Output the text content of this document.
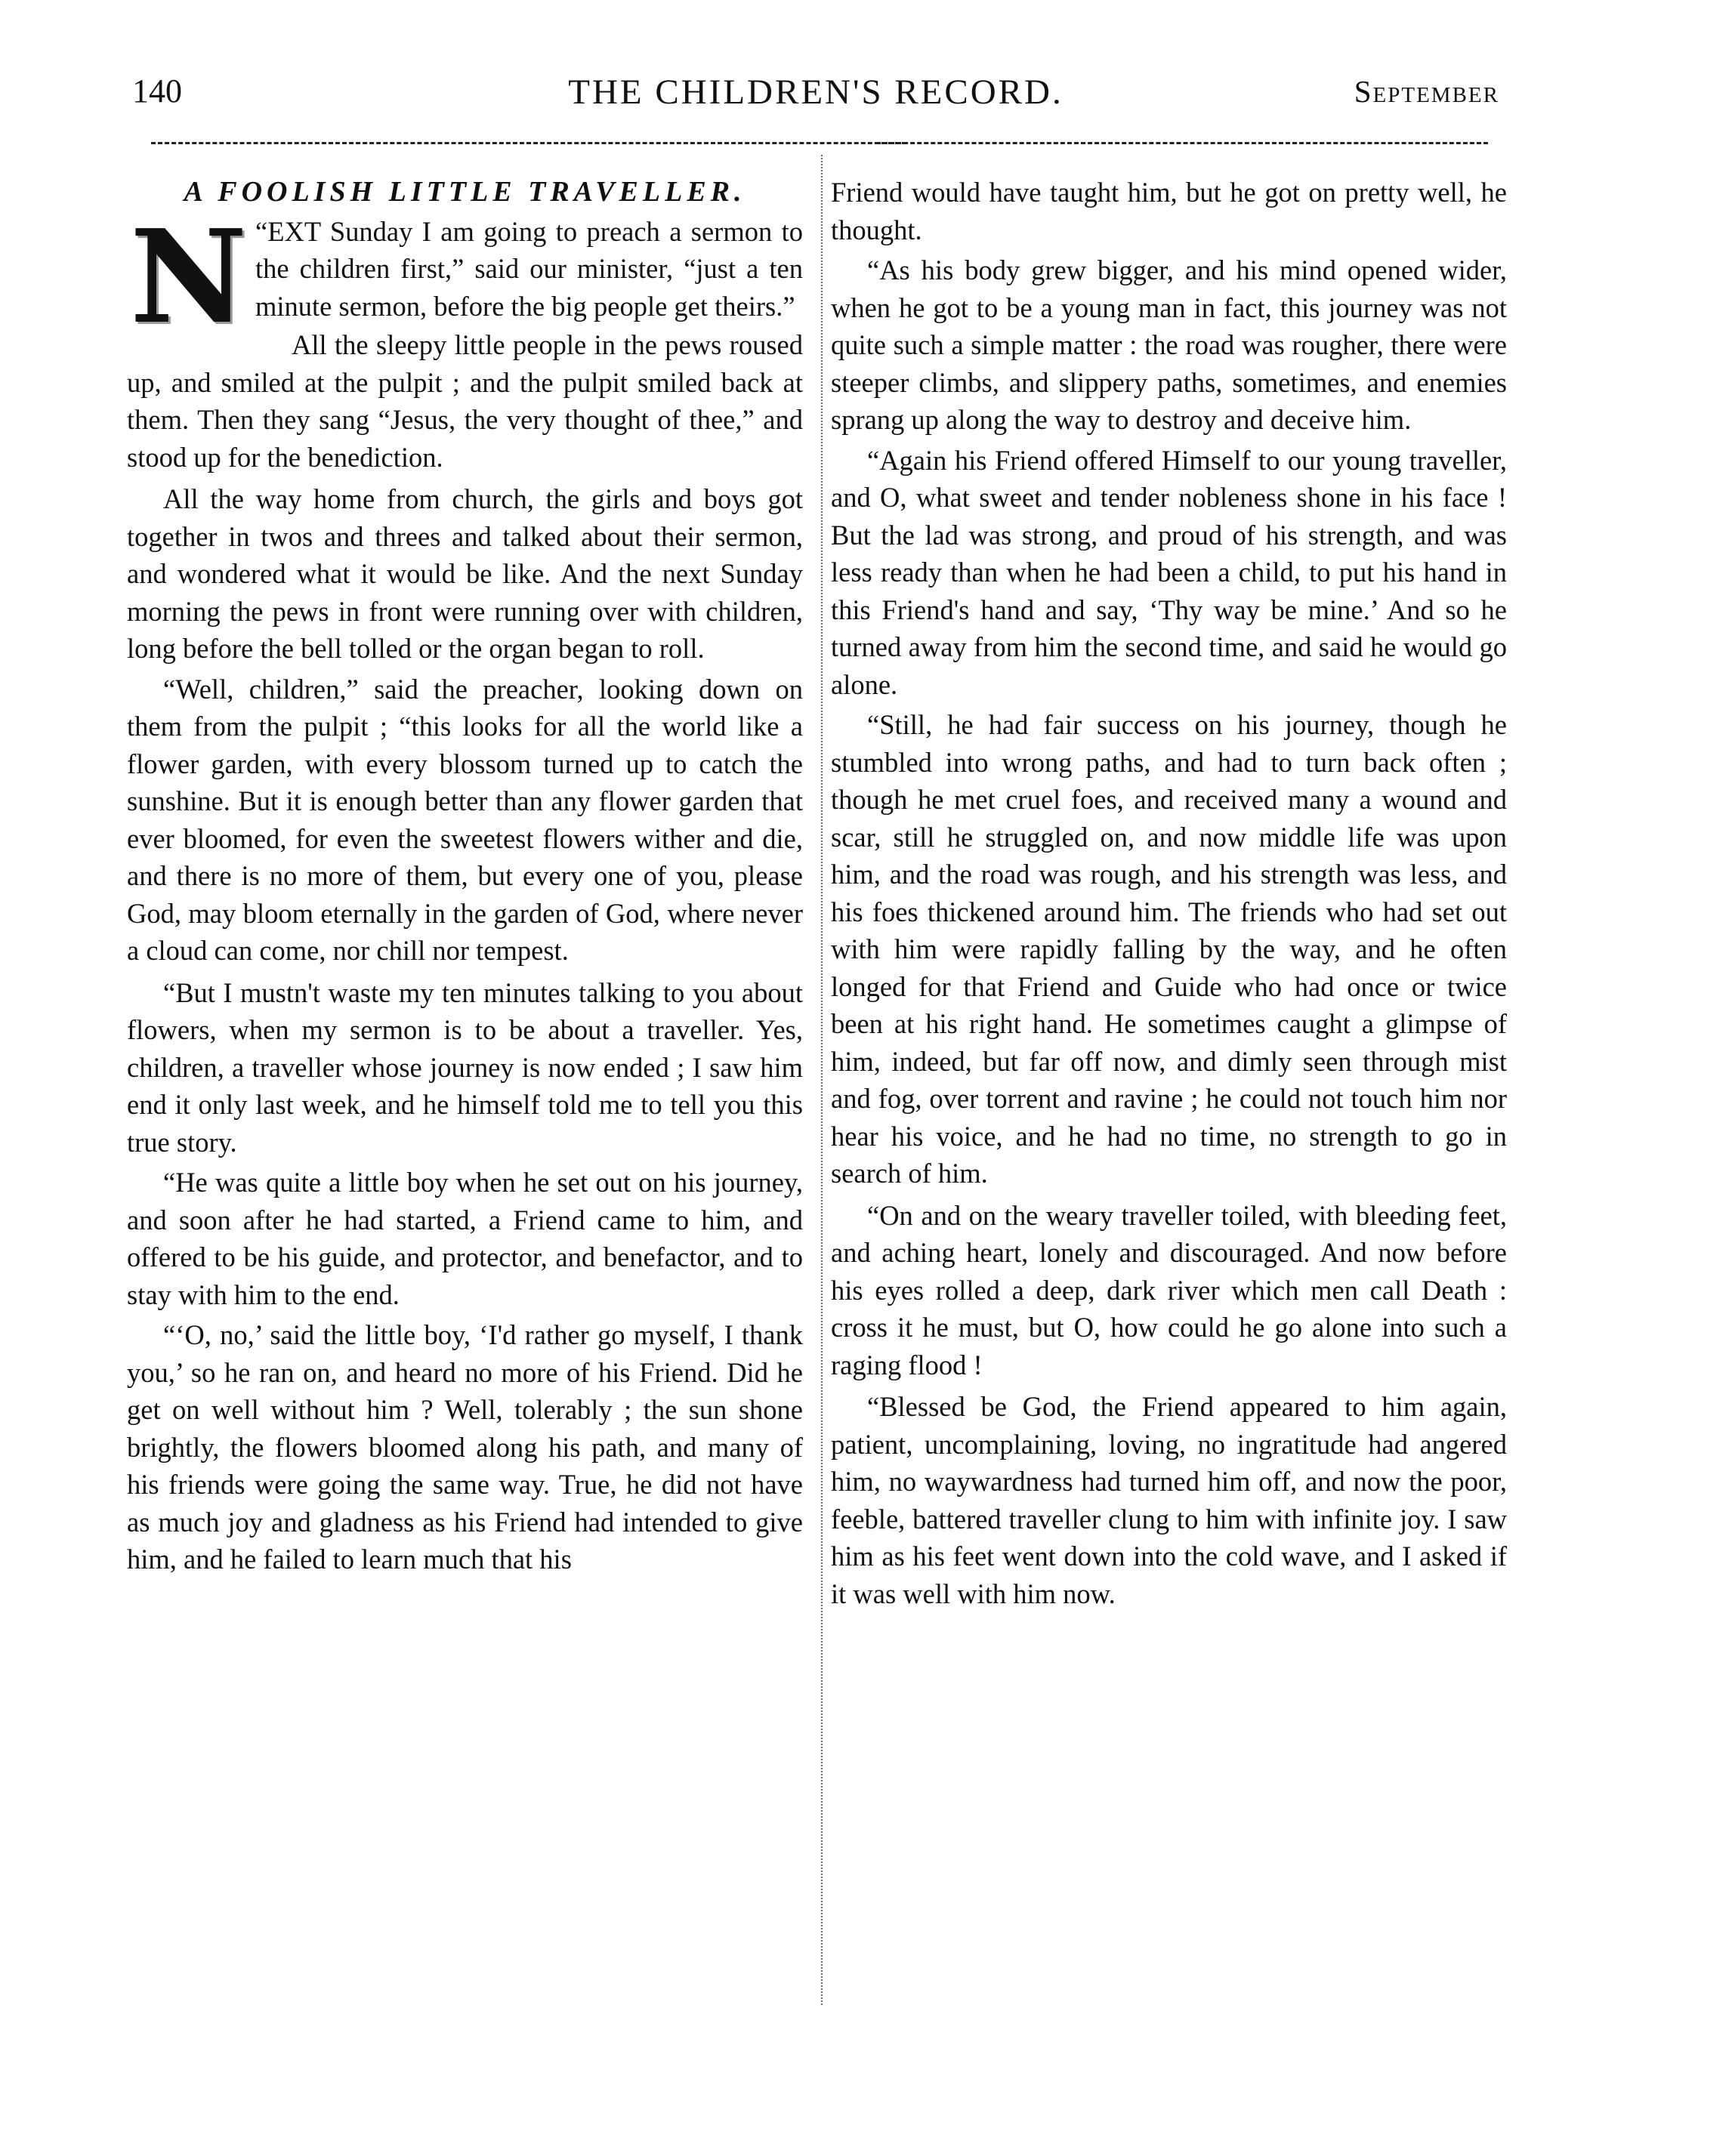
140	THE CHILDREN'S RECORD.	September
A FOOLISH LITTLE TRAVELLER.

“
N EXT Sunday I am going to preach a sermon to the children first,” said our minister, “just a ten minute sermon, before the big people get theirs.”

All the sleepy little people in the pews roused up, and smiled at the pulpit ; and the pulpit smiled back at them. Then they sang “Jesus, the very thought of thee,” and stood up for the benediction.

All the way home from church, the girls and boys got together in twos and threes and talked about their sermon, and wondered what it would be like. And the next Sunday morning the pews in front were running over with children, long before the bell tolled or the organ began to roll.

“Well, children,” said the preacher, looking down on them from the pulpit ; “this looks for all the world like a flower garden, with every blossom turned up to catch the sunshine. But it is enough better than any flower garden that ever bloomed, for even the sweetest flowers wither and die, and there is no more of them, but every one of you, please God, may bloom eternally in the garden of God, where never a cloud can come, nor chill nor tempest.

“But I mustn't waste my ten minutes talking to you about flowers, when my sermon is to be about a traveller. Yes, children, a traveller whose journey is now ended ; I saw him end it only last week, and he himself told me to tell you this true story.

“He was quite a little boy when he set out on his journey, and soon after he had started, a Friend came to him, and offered to be his guide, and protector, and benefactor, and to stay with him to the end.

“‘O, no,’ said the little boy, ‘I'd rather go myself, I thank you,’ so he ran on, and heard no more of his Friend. Did he get on well without him ? Well, tolerably ; the sun shone brightly, the flowers bloomed along his path, and many of his friends were going the same way. True, he did not have as much joy and gladness as his Friend had intended to give him, and he failed to learn much that his

Friend would have taught him, but he got on pretty well, he thought.

“As his body grew bigger, and his mind opened wider, when he got to be a young man in fact, this journey was not quite such a simple matter : the road was rougher, there were steeper climbs, and slippery paths, sometimes, and enemies sprang up along the way to destroy and deceive him.

“Again his Friend offered Himself to our young traveller, and O, what sweet and tender nobleness shone in his face ! But the lad was strong, and proud of his strength, and was less ready than when he had been a child, to put his hand in this Friend's hand and say, ‘Thy way be mine.’ And so he turned away from him the second time, and said he would go alone.

“Still, he had fair success on his journey, though he stumbled into wrong paths, and had to turn back often ; though he met cruel foes, and received many a wound and scar, still he struggled on, and now middle life was upon him, and the road was rough, and his strength was less, and his foes thickened around him. The friends who had set out with him were rapidly falling by the way, and he often longed for that Friend and Guide who had once or twice been at his right hand. He sometimes caught a glimpse of him, indeed, but far off now, and dimly seen through mist and fog, over torrent and ravine ; he could not touch him nor hear his voice, and he had no time, no strength to go in search of him.

“On and on the weary traveller toiled, with bleeding feet, and aching heart, lonely and discouraged. And now before his eyes rolled a deep, dark river which men call Death : cross it he must, but O, how could he go alone into such a raging flood !

“Blessed be God, the Friend appeared to him again, patient, uncomplaining, loving, no ingratitude had angered him, no waywardness had turned him off, and now the poor, feeble, battered traveller clung to him with infinite joy. I saw him as his feet went down into the cold wave, and I asked if it was well with him now.
